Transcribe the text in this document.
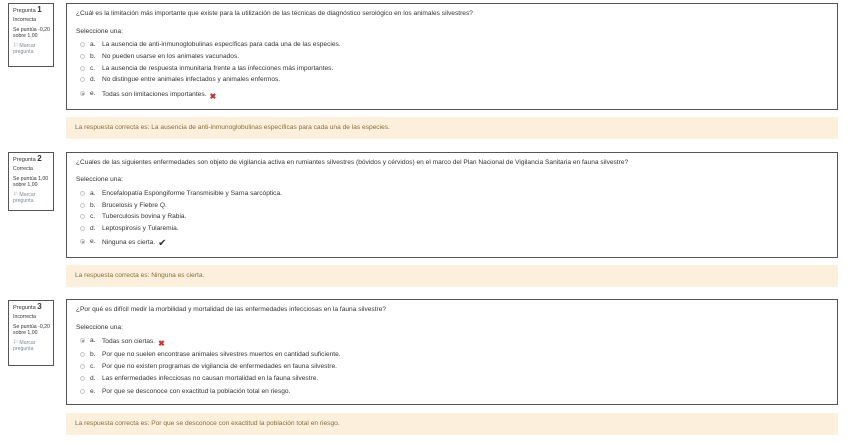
Pregunta 1
Incorrecta
Se puntúa -0,20 sobre 1,00
⚐Marcar pregunta
¿Cuál es la limitación más importante que existe para la utilización de las técnicas de diagnóstico serológico en los animales silvestres?
Seleccione una:
a. La ausencia de anti-inmunoglobulinas específicas para cada una de las especies.
b. No pueden usarse en los animales vacunados.
c. La ausencia de respuesta inmunitaria frente a las infecciones más importantes.
d. No distingue entre animales infectados y animales enfermos.
e. Todas son limitaciones importantes. ✖
La respuesta correcta es: La ausencia de anti-inmunoglobulinas específicas para cada una de las especies.
Pregunta 2
Correcta
Se puntúa 1,00 sobre 1,00
⚐Marcar pregunta
¿Cuales de las siguientes enfermedades son objeto de vigilancia activa en rumiantes silvestres (bóvidos y cérvidos) en el marco del Plan Nacional de Vigilancia Sanitaria en fauna silvestre?
Seleccione una:
a. Encefalopatía Espongiforme Transmisible y Sarna sarcóptica.
b. Brucelosis y Fiebre Q.
c. Tuberculosis bovina y Rabia.
d. Leptospirosis y Tularemia.
e. Ninguna es cierta. ✔
La respuesta correcta es: Ninguna es cierta.
Pregunta 3
Incorrecta
Se puntúa -0,20 sobre 1,00
⚐Marcar pregunta
¿Por qué es difícil medir la morbilidad y mortalidad de las enfermedades infecciosas en la fauna silvestre?
Seleccione una:
a. Todas son ciertas. ✖
b. Por que no suelen encontrase animales silvestres muertos en cantidad suficiente.
c. Por que no existen programas de vigilancia de enfermedades en fauna silvestre.
d. Las enfermedades infecciosas no causan mortalidad en la fauna silvestre.
e. Por que se desconoce con exactitud la población total en riesgo.
La respuesta correcta es: Por que se desconoce con exactitud la población total en riesgo.
